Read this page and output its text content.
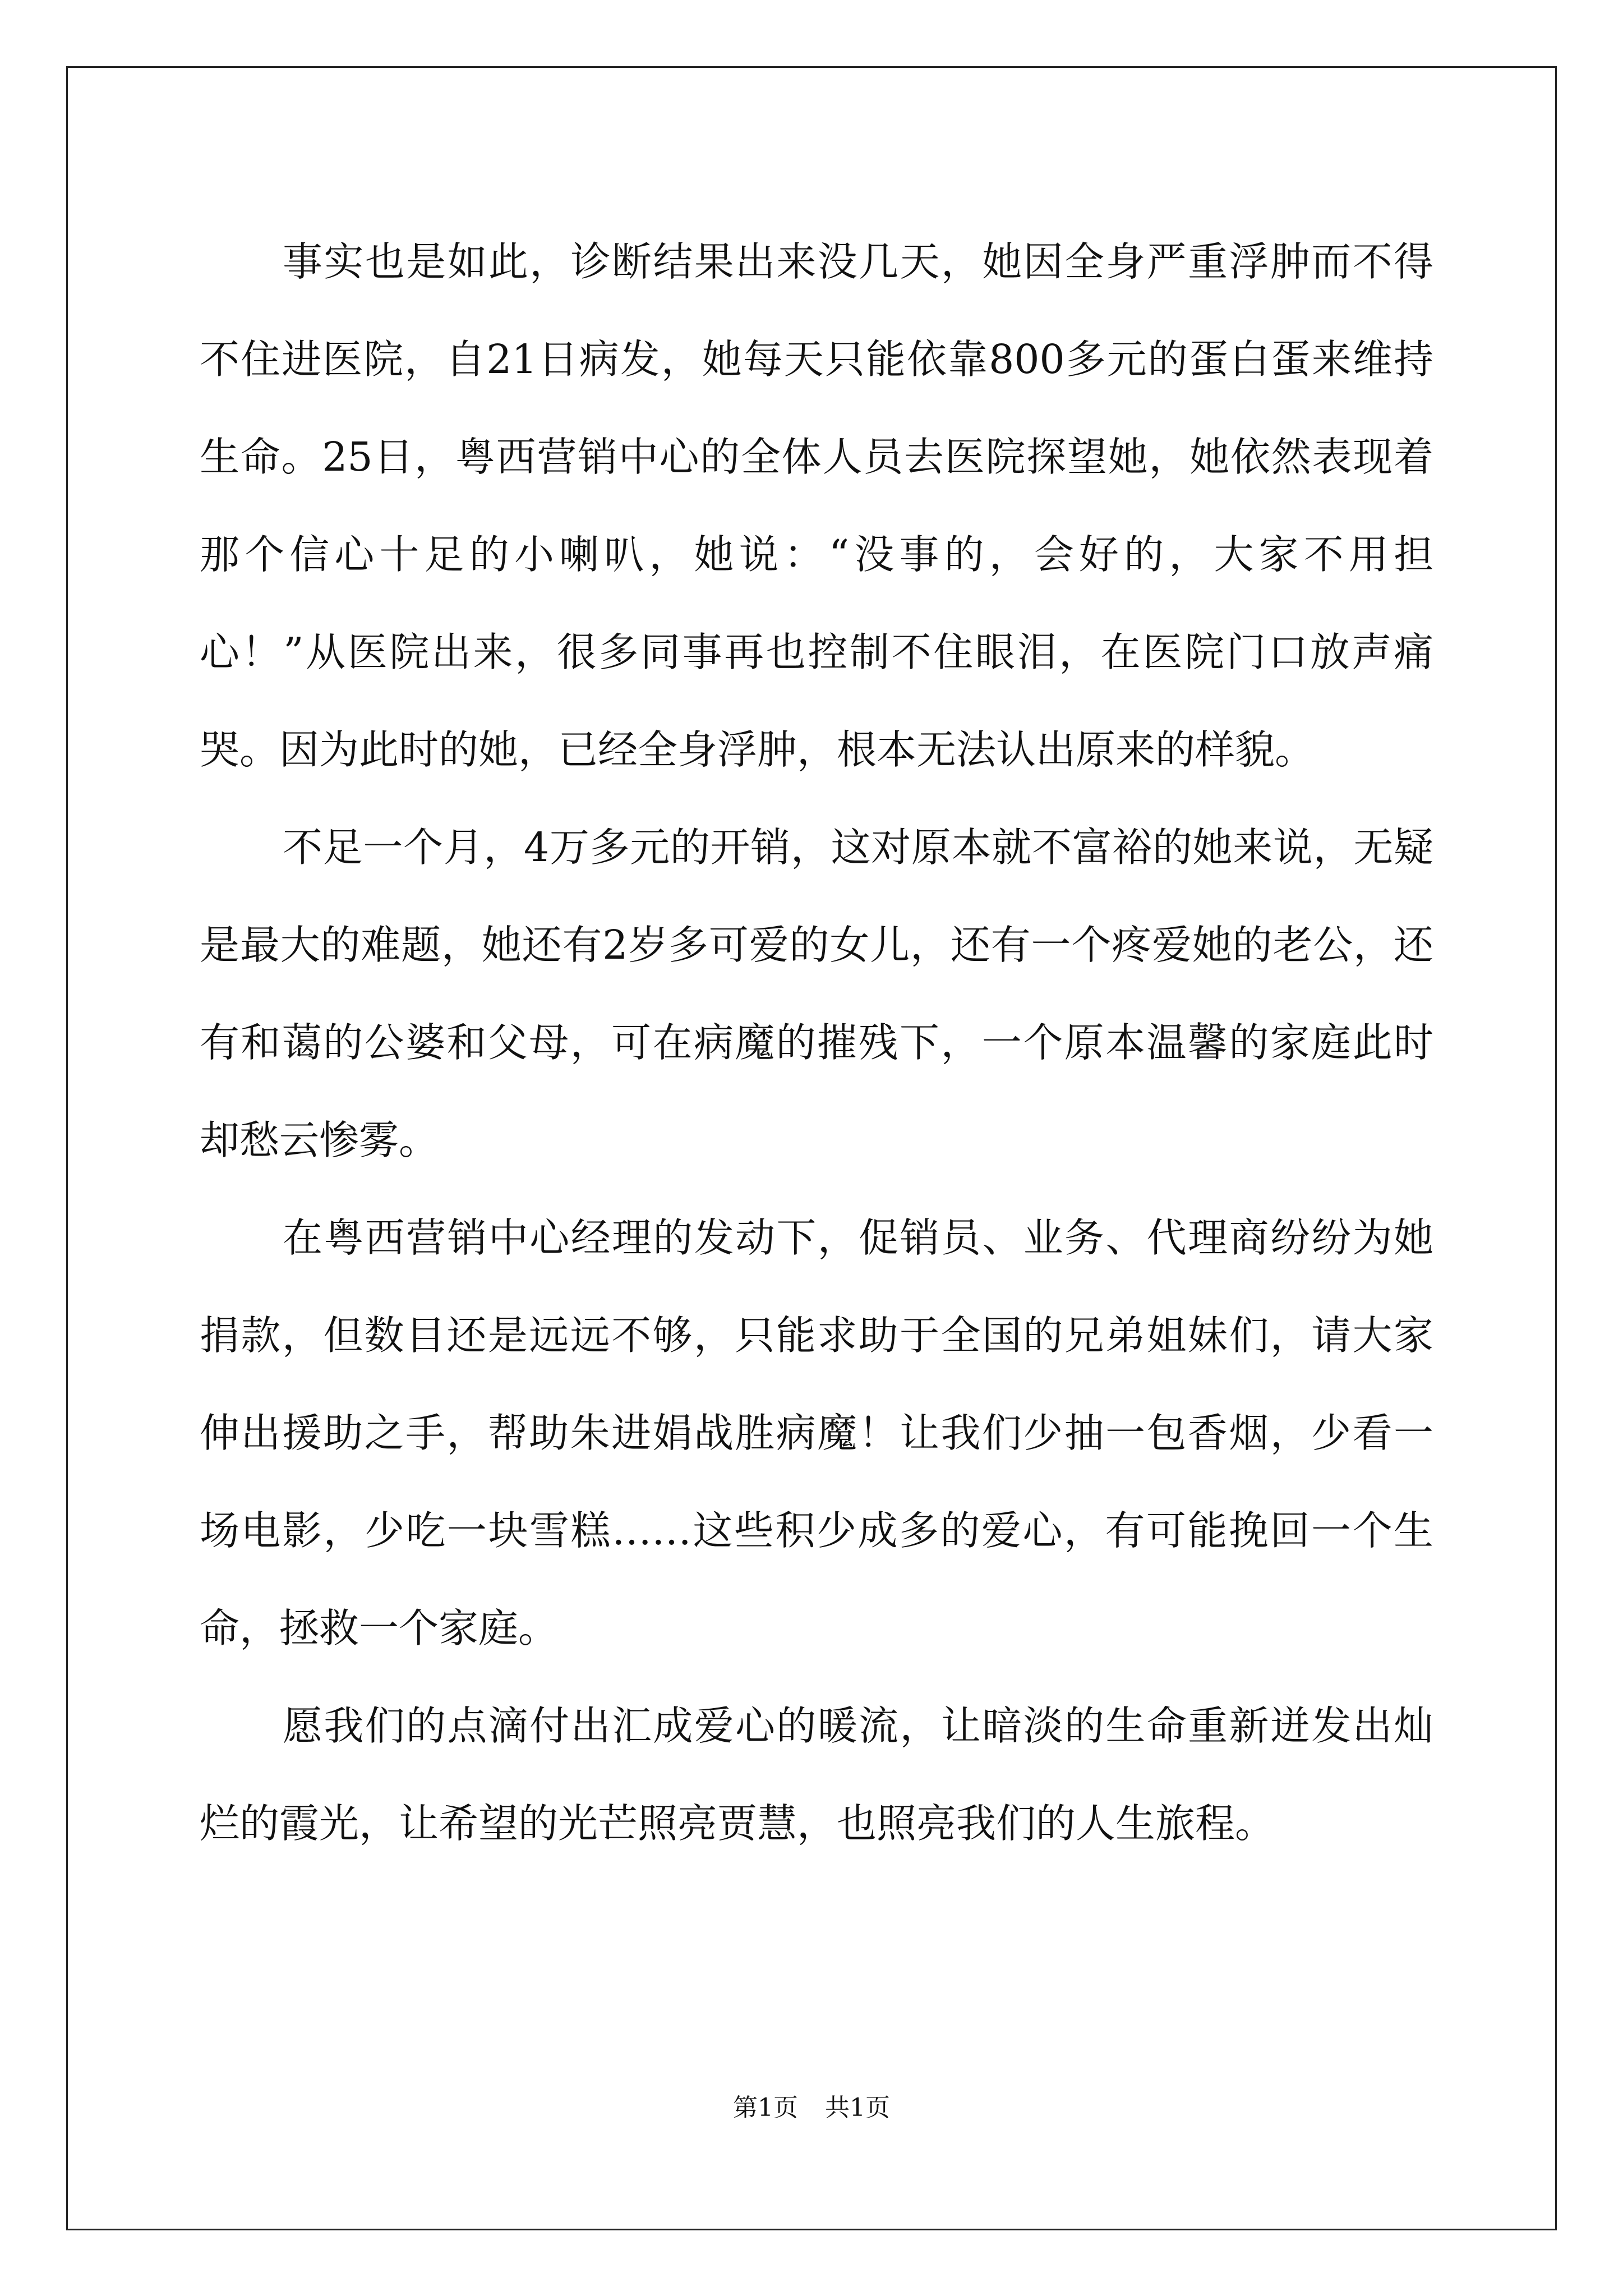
事实也是如此，诊断结果出来没几天，她因全身严重浮肿而不得不住进医院，自21日病发，她每天只能依靠800多元的蛋白蛋来维持生命。25日，粤西营销中心的全体人员去医院探望她，她依然表现着那个信心十足的小喇叭，她说：“没事的，会好的，大家不用担心！”从医院出来，很多同事再也控制不住眼泪，在医院门口放声痛哭。因为此时的她，已经全身浮肿，根本无法认出原来的样貌。

不足一个月，4万多元的开销，这对原本就不富裕的她来说，无疑是最大的难题，她还有2岁多可爱的女儿，还有一个疼爱她的老公，还有和蔼的公婆和父母，可在病魔的摧残下，一个原本温馨的家庭此时却愁云惨雾。

在粤西营销中心经理的发动下，促销员、业务、代理商纷纷为她捐款，但数目还是远远不够，只能求助于全国的兄弟姐妹们，请大家伸出援助之手，帮助朱进娟战胜病魔！让我们少抽一包香烟，少看一场电影，少吃一块雪糕……这些积少成多的爱心，有可能挽回一个生命，拯救一个家庭。

愿我们的点滴付出汇成爱心的暖流，让暗淡的生命重新迸发出灿烂的霞光，让希望的光芒照亮贾慧，也照亮我们的人生旅程。

第1页 共1页
